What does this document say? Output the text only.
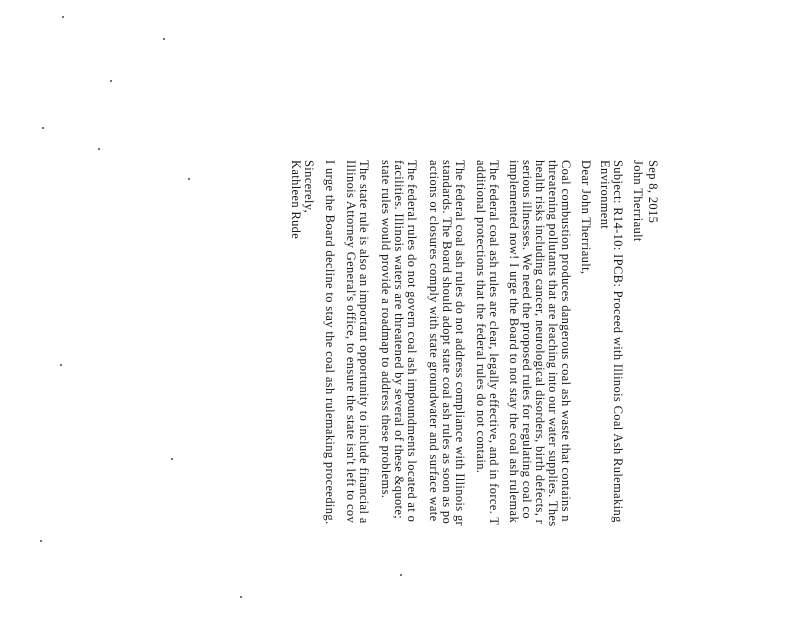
Sep 8, 2015
John Therriault
Subject: R14-10: IPCB: Proceed with Illinois Coal Ash Rulemaking
Environment
Dear John Therriault,
Coal combustion produces dangerous coal ash waste that contains n
threatening pollutants that are leaching into our water supplies. Thes
health risks including cancer, neurological disorders, birth defects, r
serious illnesses. We need the proposed rules for regulating coal co
implemented now! I urge the Board to not stay the coal ash rulemak
The federal coal ash rules are clear, legally effective, and in force. T
additional protections that the federal rules do not contain.
The federal coal ash rules do not address compliance with Illinois gr
standards. The Board should adopt state coal ash rules as soon as po
actions or closures comply with state groundwater and surface wate
The federal rules do not govern coal ash impoundments located at o
facilities. Illinois waters are threatened by several of these &quote;
state rules would provide a roadmap to address these problems.
The state rule is also an important opportunity to include financial a
Illinois Attorney General's office, to ensure the state isn't left to cov
I urge the Board decline to stay the coal ash rulemaking proceeding.
Sincerely,
Kathleen Rude
